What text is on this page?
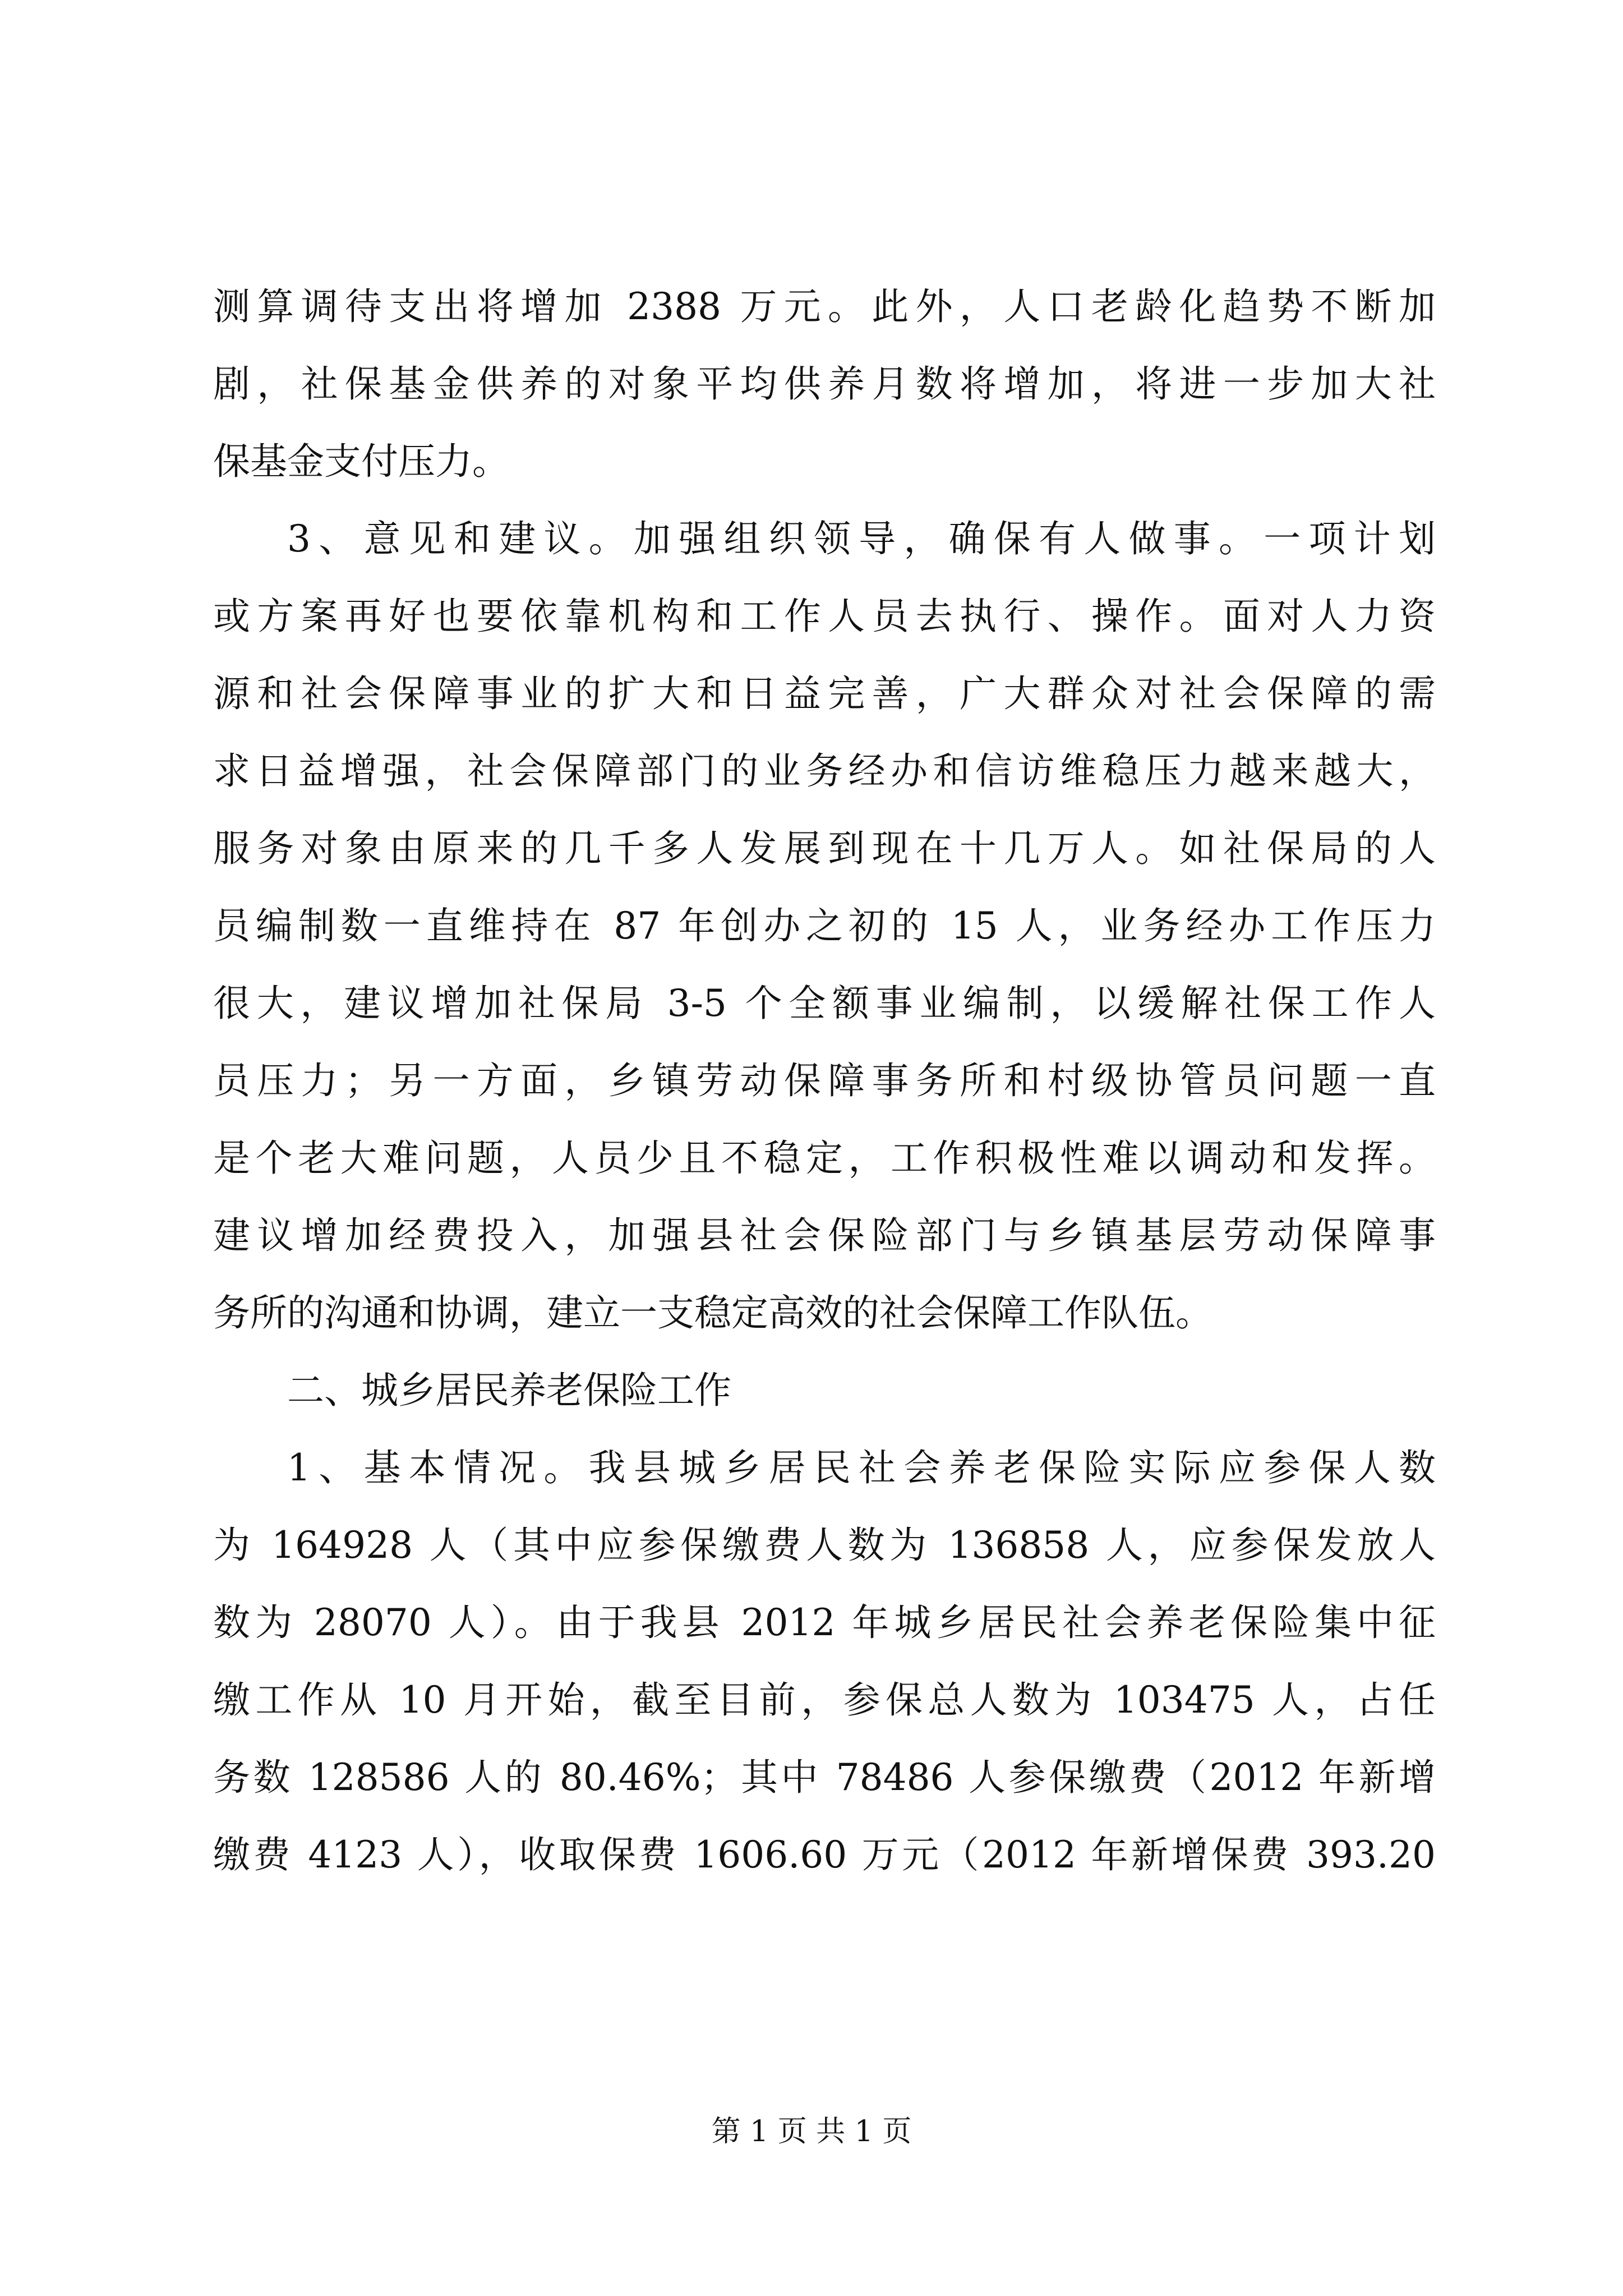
测算调待支出将增加 2388 万元。此外，人口老龄化趋势不断加
剧，社保基金供养的对象平均供养月数将增加，将进一步加大社
保基金支付压力。
3、意见和建议。加强组织领导，确保有人做事。一项计划
或方案再好也要依靠机构和工作人员去执行、操作。面对人力资
源和社会保障事业的扩大和日益完善，广大群众对社会保障的需
求日益增强，社会保障部门的业务经办和信访维稳压力越来越大，
服务对象由原来的几千多人发展到现在十几万人。如社保局的人
员编制数一直维持在 87 年创办之初的 15 人，业务经办工作压力
很大，建议增加社保局 3-5 个全额事业编制，以缓解社保工作人
员压力；另一方面，乡镇劳动保障事务所和村级协管员问题一直
是个老大难问题，人员少且不稳定，工作积极性难以调动和发挥。
建议增加经费投入，加强县社会保险部门与乡镇基层劳动保障事
务所的沟通和协调，建立一支稳定高效的社会保障工作队伍。
二、城乡居民养老保险工作
1、基本情况。我县城乡居民社会养老保险实际应参保人数
为 164928 人（其中应参保缴费人数为 136858 人，应参保发放人
数为 28070 人）。由于我县 2012 年城乡居民社会养老保险集中征
缴工作从 10 月开始，截至目前，参保总人数为 103475 人，占任
务数 128586 人的 80.46%；其中 78486 人参保缴费（2012 年新增
缴费 4123 人），收取保费 1606.60 万元（2012 年新增保费 393.20
第 1 页 共 1 页
